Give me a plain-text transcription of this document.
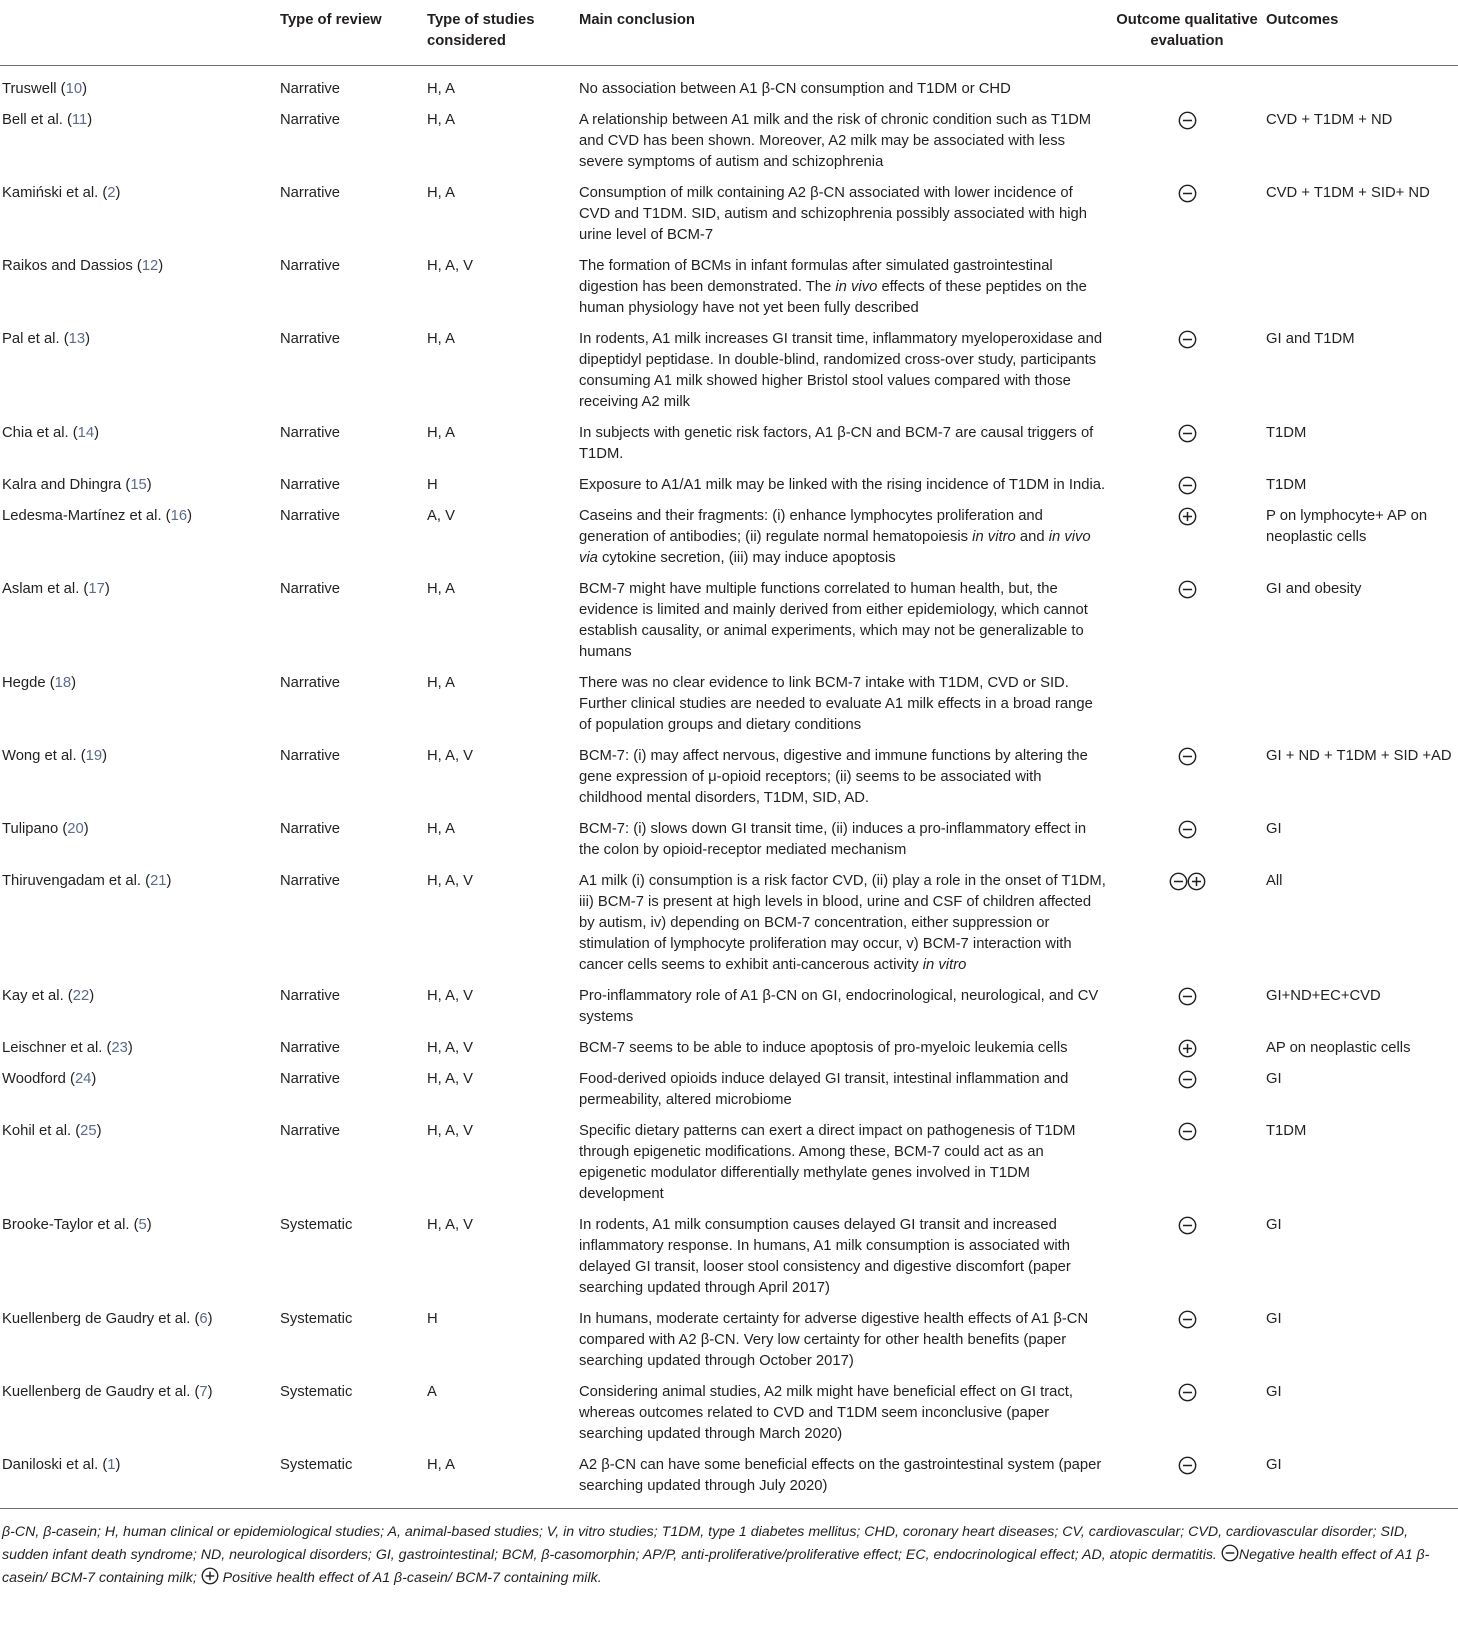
	Type of review	Type of studies considered	Main conclusion	Outcome qualitative evaluation	Outcomes
Truswell (10)	Narrative	H, A	No association between A1 β-CN consumption and T1DM or CHD		
Bell et al. (11)	Narrative	H, A	A relationship between A1 milk and the risk of chronic condition such as T1DM and CVD has been shown. Moreover, A2 milk may be associated with less severe symptoms of autism and schizophrenia		CVD + T1DM + ND
Kamiński et al. (2)	Narrative	H, A	Consumption of milk containing A2 β-CN associated with lower incidence of CVD and T1DM. SID, autism and schizophrenia possibly associated with high urine level of BCM-7		CVD + T1DM + SID+ ND
Raikos and Dassios (12)	Narrative	H, A, V	The formation of BCMs in infant formulas after simulated gastrointestinal digestion has been demonstrated. The in vivo effects of these peptides on the human physiology have not yet been fully described		
Pal et al. (13)	Narrative	H, A	In rodents, A1 milk increases GI transit time, inflammatory myeloperoxidase and dipeptidyl peptidase. In double-blind, randomized cross-over study, participants consuming A1 milk showed higher Bristol stool values compared with those receiving A2 milk		GI and T1DM
Chia et al. (14)	Narrative	H, A	In subjects with genetic risk factors, A1 β-CN and BCM-7 are causal triggers of T1DM.		T1DM
Kalra and Dhingra (15)	Narrative	H	Exposure to A1/A1 milk may be linked with the rising incidence of T1DM in India.		T1DM
Ledesma-Martínez et al. (16)	Narrative	A, V	Caseins and their fragments: (i) enhance lymphocytes proliferation and generation of antibodies; (ii) regulate normal hematopoiesis in vitro and in vivo via cytokine secretion, (iii) may induce apoptosis		P on lymphocyte+ AP on neoplastic cells
Aslam et al. (17)	Narrative	H, A	BCM-7 might have multiple functions correlated to human health, but, the evidence is limited and mainly derived from either epidemiology, which cannot establish causality, or animal experiments, which may not be generalizable to humans		GI and obesity
Hegde (18)	Narrative	H, A	There was no clear evidence to link BCM-7 intake with T1DM, CVD or SID. Further clinical studies are needed to evaluate A1 milk effects in a broad range of population groups and dietary conditions		
Wong et al. (19)	Narrative	H, A, V	BCM-7: (i) may affect nervous, digestive and immune functions by altering the gene expression of μ-opioid receptors; (ii) seems to be associated with childhood mental disorders, T1DM, SID, AD.		GI + ND + T1DM + SID +AD
Tulipano (20)	Narrative	H, A	BCM-7: (i) slows down GI transit time, (ii) induces a pro-inflammatory effect in the colon by opioid-receptor mediated mechanism		GI
Thiruvengadam et al. (21)	Narrative	H, A, V	A1 milk (i) consumption is a risk factor CVD, (ii) play a role in the onset of T1DM, iii) BCM-7 is present at high levels in blood, urine and CSF of children affected by autism, iv) depending on BCM-7 concentration, either suppression or stimulation of lymphocyte proliferation may occur, v) BCM-7 interaction with cancer cells seems to exhibit anti-cancerous activity in vitro		All
Kay et al. (22)	Narrative	H, A, V	Pro-inflammatory role of A1 β-CN on GI, endocrinological, neurological, and CV systems		GI+ND+EC+CVD
Leischner et al. (23)	Narrative	H, A, V	BCM-7 seems to be able to induce apoptosis of pro-myeloic leukemia cells		AP on neoplastic cells
Woodford (24)	Narrative	H, A, V	Food-derived opioids induce delayed GI transit, intestinal inflammation and permeability, altered microbiome		GI
Kohil et al. (25)	Narrative	H, A, V	Specific dietary patterns can exert a direct impact on pathogenesis of T1DM through epigenetic modifications. Among these, BCM-7 could act as an epigenetic modulator differentially methylate genes involved in T1DM development		T1DM
Brooke-Taylor et al. (5)	Systematic	H, A, V	In rodents, A1 milk consumption causes delayed GI transit and increased inflammatory response. In humans, A1 milk consumption is associated with delayed GI transit, looser stool consistency and digestive discomfort (paper searching updated through April 2017)		GI
Kuellenberg de Gaudry et al. (6)	Systematic	H	In humans, moderate certainty for adverse digestive health effects of A1 β-CN compared with A2 β-CN. Very low certainty for other health benefits (paper searching updated through October 2017)		GI
Kuellenberg de Gaudry et al. (7)	Systematic	A	Considering animal studies, A2 milk might have beneficial effect on GI tract, whereas outcomes related to CVD and T1DM seem inconclusive (paper searching updated through March 2020)		GI
Daniloski et al. (1)	Systematic	H, A	A2 β-CN can have some beneficial effects on the gastrointestinal system (paper searching updated through July 2020)		GI
β-CN, β-casein; H, human clinical or epidemiological studies; A, animal-based studies; V, in vitro studies; T1DM, type 1 diabetes mellitus; CHD, coronary heart diseases; CV, cardiovascular; CVD, cardiovascular disorder; SID, sudden infant death syndrome; ND, neurological disorders; GI, gastrointestinal; BCM, β-casomorphin; AP/P, anti-proliferative/proliferative effect; EC, endocrinological effect; AD, atopic dermatitis. Negative health effect of A1 β-casein/ BCM-7 containing milk;  Positive health effect of A1 β-casein/ BCM-7 containing milk.
